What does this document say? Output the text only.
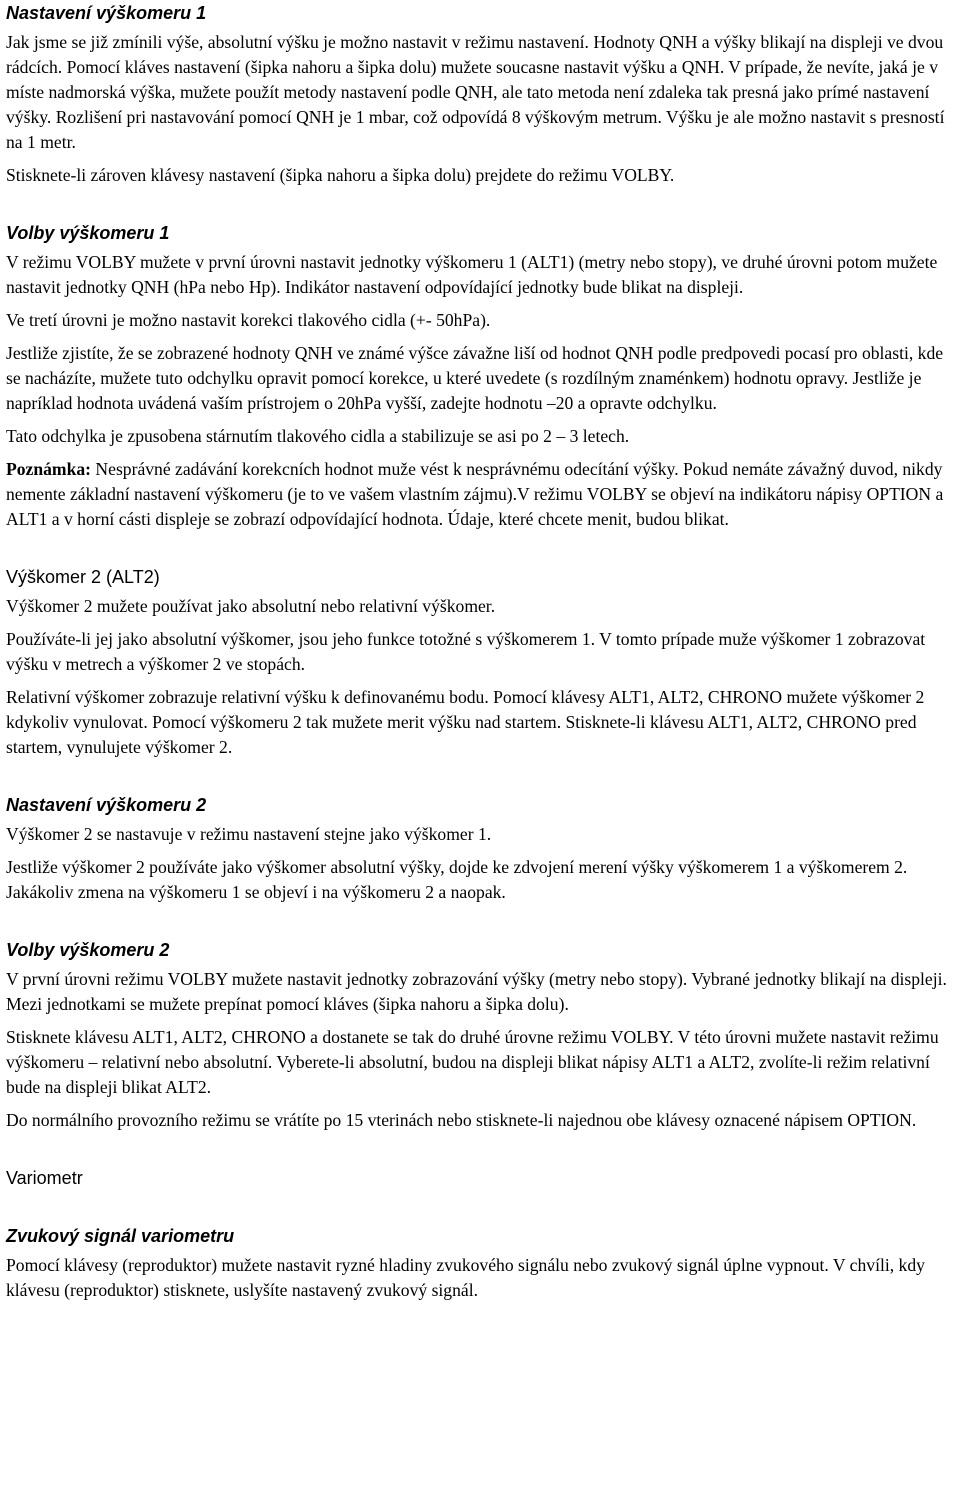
Nastavení výškomeru 1

Jak jsme se již zmínili výše, absolutní výšku je možno nastavit v režimu nastavení. Hodnoty QNH a výšky blikají na displeji ve dvou rádcích. Pomocí kláves nastavení (šipka nahoru a šipka dolu) mužete soucasne nastavit výšku a QNH. V prípade, že nevíte, jaká je v míste nadmorská výška, mužete použít metody nastavení podle QNH, ale tato metoda není zdaleka tak presná jako prímé nastavení výšky. Rozlišení pri nastavování pomocí QNH je 1 mbar, což odpovídá 8 výškovým metrum. Výšku je ale možno nastavit s presností na 1 metr.

Stisknete-li zároven klávesy nastavení (šipka nahoru a šipka dolu) prejdete do režimu VOLBY.

Volby výškomeru 1

V režimu VOLBY mužete v první úrovni nastavit jednotky výškomeru 1 (ALT1) (metry nebo stopy), ve druhé úrovni potom mužete nastavit jednotky QNH (hPa nebo Hp). Indikátor nastavení odpovídající jednotky bude blikat na displeji.

Ve tretí úrovni je možno nastavit korekci tlakového cidla (+- 50hPa).

Jestliže zjistíte, že se zobrazené hodnoty QNH ve známé výšce závažne liší od hodnot QNH podle predpovedi pocasí pro oblasti, kde se nacházíte, mužete tuto odchylku opravit pomocí korekce, u které uvedete (s rozdílným znaménkem) hodnotu opravy. Jestliže je napríklad hodnota uvádená vaším prístrojem o 20hPa vyšší, zadejte hodnotu –20 a opravte odchylku.

Tato odchylka je zpusobena stárnutím tlakového cidla a stabilizuje se asi po 2 – 3 letech.

Poznámka: Nesprávné zadávání korekcních hodnot muže vést k nesprávnému odecítání výšky. Pokud nemáte závažný duvod, nikdy nemente základní nastavení výškomeru (je to ve vašem vlastním zájmu).V režimu VOLBY se objeví na indikátoru nápisy OPTION a ALT1 a v horní cásti displeje se zobrazí odpovídající hodnota. Údaje, které chcete menit, budou blikat.

Výškomer 2 (ALT2)

Výškomer 2 mužete používat jako absolutní nebo relativní výškomer.

Používáte-li jej jako absolutní výškomer, jsou jeho funkce totožné s výškomerem 1. V tomto prípade muže výškomer 1 zobrazovat výšku v metrech a výškomer 2 ve stopách.

Relativní výškomer zobrazuje relativní výšku k definovanému bodu. Pomocí klávesy ALT1, ALT2, CHRONO mužete výškomer 2 kdykoliv vynulovat. Pomocí výškomeru 2 tak mužete merit výšku nad startem. Stisknete-li klávesu ALT1, ALT2, CHRONO pred startem, vynulujete výškomer 2.

Nastavení výškomeru 2

Výškomer 2 se nastavuje v režimu nastavení stejne jako výškomer 1.

Jestliže výškomer 2 používáte jako výškomer absolutní výšky, dojde ke zdvojení merení výšky výškomerem 1 a výškomerem 2. Jakákoliv zmena na výškomeru 1 se objeví i na výškomeru 2 a naopak.

Volby výškomeru 2

V první úrovni režimu VOLBY mužete nastavit jednotky zobrazování výšky (metry nebo stopy). Vybrané jednotky blikají na displeji. Mezi jednotkami se mužete prepínat pomocí kláves (šipka nahoru a šipka dolu).

Stisknete klávesu ALT1, ALT2, CHRONO a dostanete se tak do druhé úrovne režimu VOLBY. V této úrovni mužete nastavit režimu výškomeru – relativní nebo absolutní. Vyberete-li absolutní, budou na displeji blikat nápisy ALT1 a ALT2, zvolíte-li režim relativní bude na displeji blikat ALT2.

Do normálního provozního režimu se vrátíte po 15 vterinách nebo stisknete-li najednou obe klávesy oznacené nápisem OPTION.

Variometr
Zvukový signál variometru

Pomocí klávesy (reproduktor) mužete nastavit rуzné hladiny zvukového signálu nebo zvukový signál úplne vypnout. V chvíli, kdy klávesu (reproduktor) stisknete, uslyšíte nastavený zvukový signál.
